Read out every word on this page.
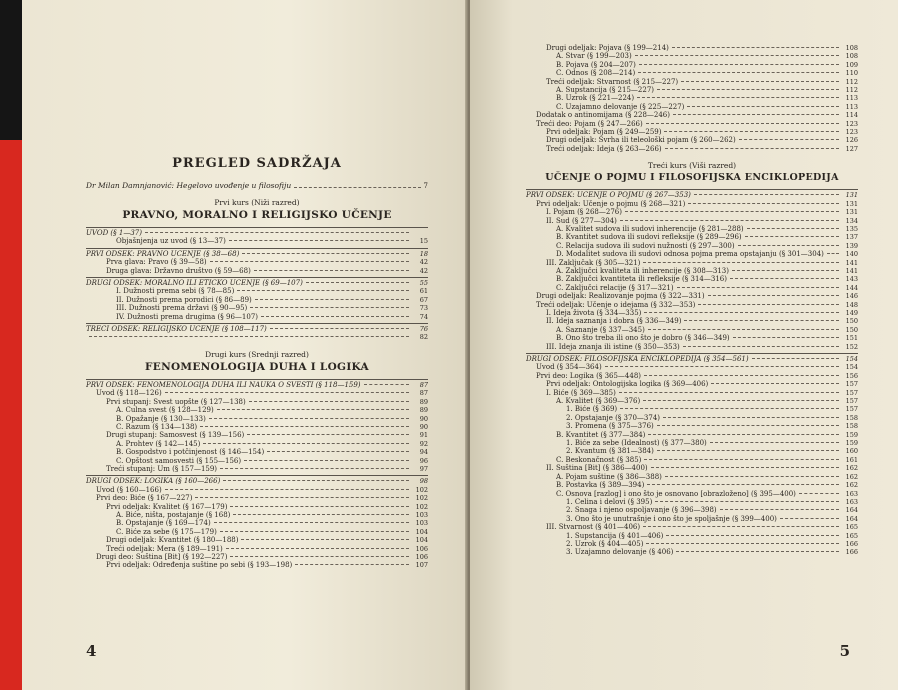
PREGLED SADRŽAJA
Dr Milan Damnjanović: Hegelovo uvođenje u filosofiju	7
Prvi kurs (Niži razred)
PRAVNO, MORALNO I RELIGIJSKO UČENJE
UVOD (§ 1—37)
Objašnjenja uz uvod (§ 13—37)	15
PRVI ODSEK: PRAVNO UČENJE (§ 38—68)	18
Prva glava: Pravo (§ 39—58)	42
Druga glava: Državno društvo (§ 59—68)	42
DRUGI ODSEK: MORALNO ILI ETIČKO UČENJE (§ 69—107)	55
I. Dužnosti prema sebi (§ 78—85)	61
II. Dužnosti prema porodici (§ 86—89)	67
III. Dužnosti prema državi (§ 90—95)	73
IV. Dužnosti prema drugima (§ 96—107)	74
TREĆI ODSEK: RELIGIJSKO UČENJE (§ 108—117)	76
82
Drugi kurs (Srednji razred)
FENOMENOLOGIJA DUHA I LOGIKA
PRVI ODSEK: FENOMENOLOGIJA DUHA ILI NAUKA O SVESTI (§ 118—159)	87
Uvod (§ 118—126)	87
Prvi stupanj: Svest uopšte (§ 127—138)	89
A. Čulna svest (§ 128—129)	89
B. Opažanje (§ 130—133)	90
C. Razum (§ 134—138)	90
Drugi stupanj: Samosvest (§ 139—156)	91
A. Prohtev (§ 142—145)	92
B. Gospodstvo i potčinjenost (§ 146—154)	94
C. Opštost samosvesti (§ 155—156)	96
Treći stupanj: Um (§ 157—159)	97
DRUGI ODSEK: LOGIKA (§ 160—266)	98
Uvod (§ 160—166)	102
Prvi deo: Biće (§ 167—227)	102
Prvi odeljak: Kvalitet (§ 167—179)	102
A. Biće, ništa, postajanje (§ 168)	103
B. Opstajanje (§ 169—174)	103
C. Biće za sebe (§ 175—179)	104
Drugi odeljak: Kvantitet (§ 180—188)	104
Treći odeljak: Mera (§ 189—191)	106
Drugi deo: Suština [Bit] (§ 192—227)	106
Prvi odeljak: Određenja suštine po sebi (§ 193—198)	107
4
Drugi odeljak: Pojava (§ 199—214)	108
A. Stvar (§ 199—203)	108
B. Pojava (§ 204—207)	109
C. Odnos (§ 208—214)	110
Treći odeljak: Stvarnost (§ 215—227)	112
A. Supstancija (§ 215—227)	112
B. Uzrok (§ 221—224)	113
C. Uzajamno delovanje (§ 225—227)	113
Dodatak o antinomijama (§ 228—246)	114
Treći deo: Pojam (§ 247—266)	123
Prvi odeljak: Pojam (§ 249—259)	123
Drugi odeljak: Svrha ili teleološki pojam (§ 260—262)	126
Treći odeljak: Ideja (§ 263—266)	127
Treći kurs (Viši razred)
UČENJE O POJMU I FILOSOFIJSKA ENCIKLOPEDIJA
PRVI ODSEK: UČENJE O POJMU (§ 267—353)	131
Prvi odeljak: Učenje o pojmu (§ 268—321)	131
I. Pojam (§ 268—276)	131
II. Sud (§ 277—304)	134
A. Kvalitet sudova ili sudovi inherencije (§ 281—288)	135
B. Kvantitet sudova ili sudovi refleksije (§ 289—296)	137
C. Relacija sudova ili sudovi nužnosti (§ 297—300)	139
D. Modalitet sudova ili sudovi odnosa pojma prema opstajanju (§ 301—304)	140
III. Zaključak (§ 305—321)	141
A. Zaključci kvaliteta ili inherencije (§ 308—313)	141
B. Zaključci kvantiteta ili refleksije (§ 314—316)	143
C. Zaključci relacije (§ 317—321)	144
Drugi odeljak: Realizovanje pojma (§ 322—331)	146
Treći odeljak: Učenje o idejama (§ 332—353)	148
I. Ideja života (§ 334—335)	149
II. Ideja saznanja i dobra (§ 336—349)	150
A. Saznanje (§ 337—345)	150
B. Ono što treba ili ono što je dobro (§ 346—349)	151
III. Ideja znanja ili istine (§ 350—353)	152
DRUGI ODSEK: FILOSOFIJSKA ENCIKLOPEDIJA (§ 354—561)	154
Uvod (§ 354—364)	154
Prvi deo: Logika (§ 365—448)	156
Prvi odeljak: Ontologijska logika (§ 369—406)	157
I. Biće (§ 369—385)	157
A. Kvalitet (§ 369—376)	157
1. Biće (§ 369)	157
2. Opstajanje (§ 370—374)	158
3. Promena (§ 375—376)	158
B. Kvantitet (§ 377—384)	159
1. Biće za sebe (Idealnost) (§ 377—380)	159
2. Kvantum (§ 381—384)	160
C. Beskonačnost (§ 385)	161
II. Suština [Bit] (§ 386—400)	162
A. Pojam suštine (§ 386—388)	162
B. Postavka (§ 389—394)	162
C. Osnova [razlog] i ono što je osnovano [obrazloženo] (§ 395—400)	163
1. Celina i delovi (§ 395)	163
2. Snaga i njeno ospoljavanje (§ 396—398)	164
3. Ono što je unutrašnje i ono što je spoljašnje (§ 399—400)	164
III. Stvarnost (§ 401—406)	165
1. Supstancija (§ 401—406)	165
2. Uzrok (§ 404—405)	166
3. Uzajamno delovanje (§ 406)	166
5
